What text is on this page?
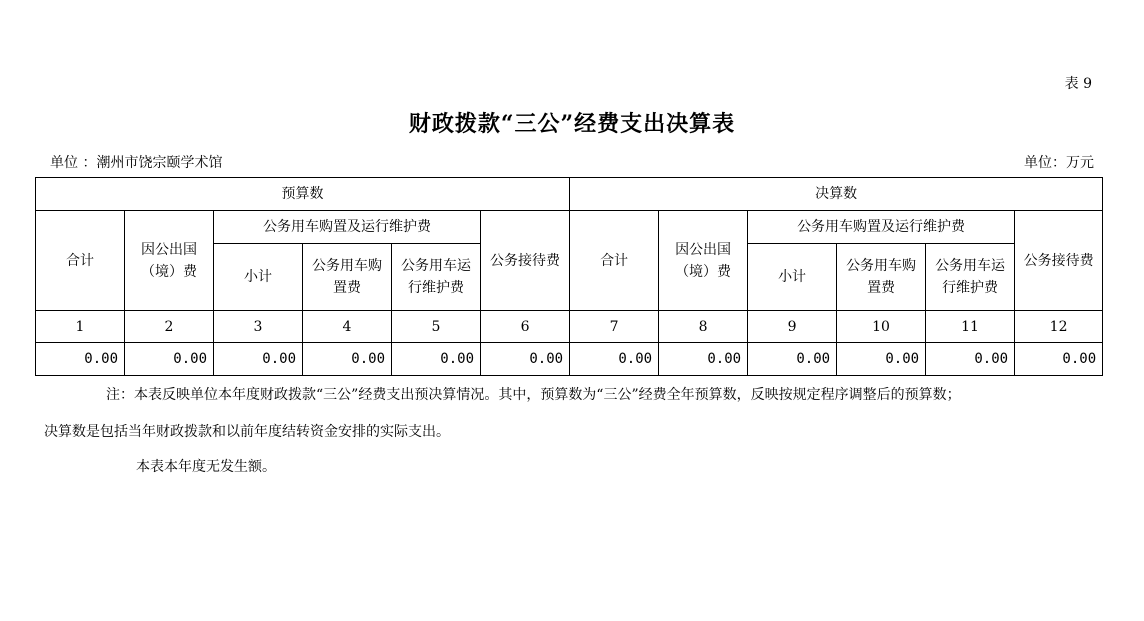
表 9
财政拨款“三公”经费支出决算表
单位 ：潮州市饶宗颐学术馆	单位：万元
预算数						决算数					
合计	因公出国（境）费	公务用车购置及运行维护费			公务接待费	合计	因公出国（境）费	公务用车购置及运行维护费			公务接待费
		小计	公务用车购置费	公务用车运行维护费				小计	公务用车购置费	公务用车运行维护费	
1	2	3	4	5	6	7	8	9	10	11	12
0.00	0.00	0.00	0.00	0.00	0.00	0.00	0.00	0.00	0.00	0.00	0.00
注：本表反映单位本年度财政拨款“三公”经费支出预决算情况。其中，预算数为“三公”经费全年预算数，反映按规定程序调整后的预算数；
决算数是包括当年财政拨款和以前年度结转资金安排的实际支出。
本表本年度无发生额。
